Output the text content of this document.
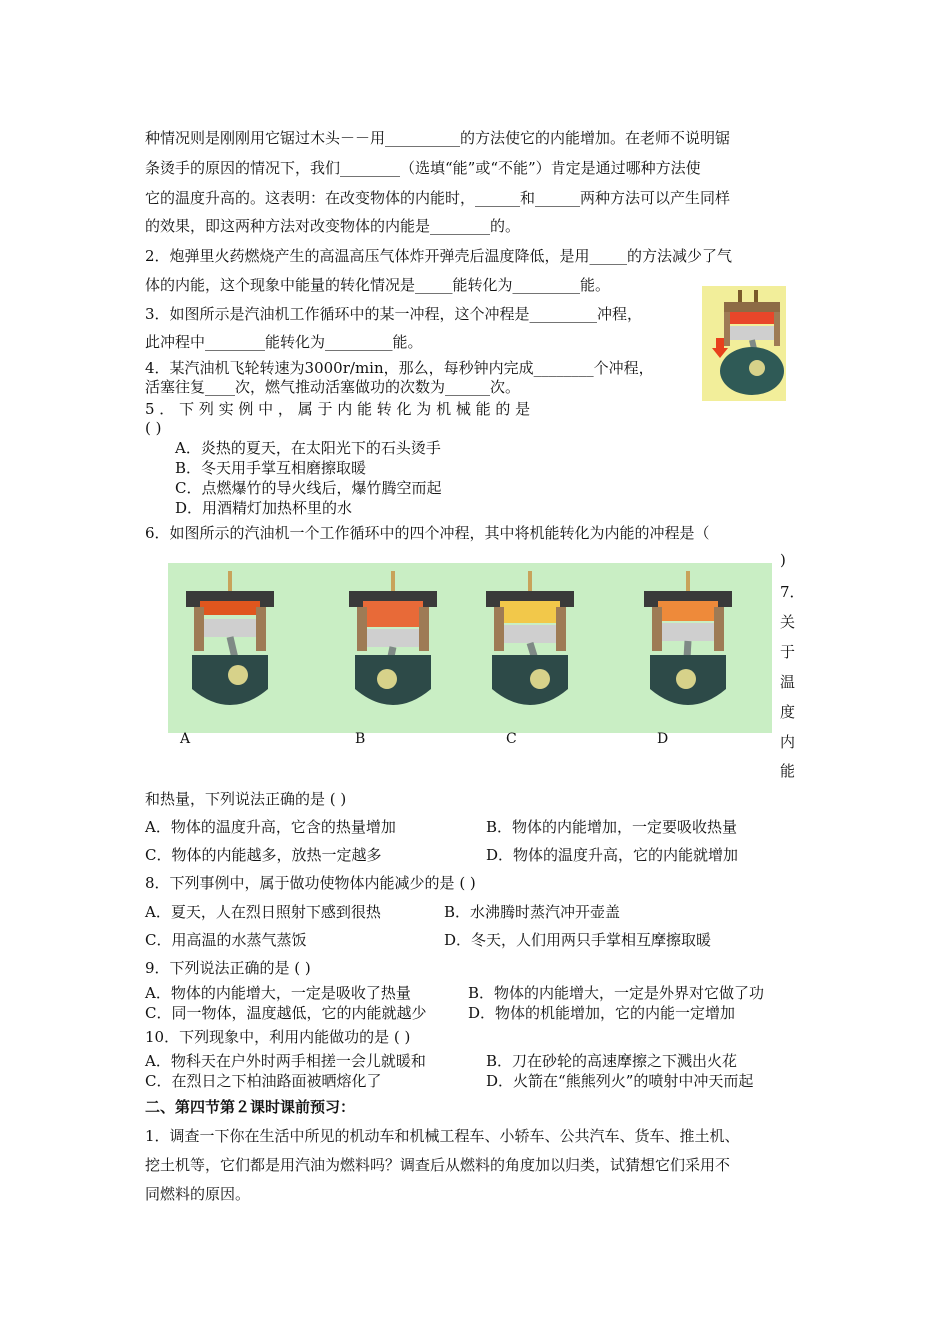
种情况则是刚刚用它锯过木头－－用__________的方法使它的内能增加。在老师不说明锯
条烫手的原因的情况下，我们________（选填“能”或“不能”）肯定是通过哪种方法使
它的温度升高的。这表明：在改变物体的内能时，______和______两种方法可以产生同样
的效果，即这两种方法对改变物体的内能是________的。
2．炮弹里火药燃烧产生的高温高压气体炸开弹壳后温度降低，是用_____的方法减少了气
体的内能，这个现象中能量的转化情况是_____能转化为_________能。
3．如图所示是汽油机工作循环中的某一冲程，这个冲程是_________冲程，
此冲程中________能转化为_________能。
4．某汽油机飞轮转速为3000r/min，那么，每秒钟内完成________个冲程，
活塞往复____次，燃气推动活塞做功的次数为______次。
5 ． 下 列 实 例 中 ， 属 于 内 能 转 化 为 机 械 能 的 是
( )
A．炎热的夏天，在太阳光下的石头烫手
B．冬天用手掌互相磨擦取暖
C．点燃爆竹的导火线后，爆竹腾空而起
D．用酒精灯加热杯里的水
6．如图所示的汽油机一个工作循环中的四个冲程，其中将机能转化为内能的冲程是（
A	B	C	D
)
7．
关
于
温
度
内
能
和热量，下列说法正确的是 ( )
A．物体的温度升高，它含的热量增加	B．物体的内能增加，一定要吸收热量
C．物体的内能越多，放热一定越多	D．物体的温度升高，它的内能就增加
8．下列事例中，属于做功使物体内能减少的是 ( )
A．夏天，人在烈日照射下感到很热	B．水沸腾时蒸汽冲开壶盖
C．用高温的水蒸气蒸饭	D．冬天，人们用两只手掌相互摩擦取暖
9．下列说法正确的是 ( )
A．物体的内能增大，一定是吸收了热量	B．物体的内能增大，一定是外界对它做了功
C．同一物体，温度越低，它的内能就越少	D．物体的机能增加，它的内能一定增加
10．下列现象中，利用内能做功的是 ( )
A．物科天在户外时两手相搓一会儿就暖和	B．刀在砂轮的高速摩擦之下溅出火花
C．在烈日之下柏油路面被晒熔化了	D．火箭在“熊熊列火”的喷射中冲天而起
二、第四节第２课时课前预习：
1．调查一下你在生活中所见的机动车和机械工程车、小轿车、公共汽车、货车、推土机、
挖土机等，它们都是用汽油为燃料吗？调查后从燃料的角度加以归类，试猜想它们采用不
同燃料的原因。
